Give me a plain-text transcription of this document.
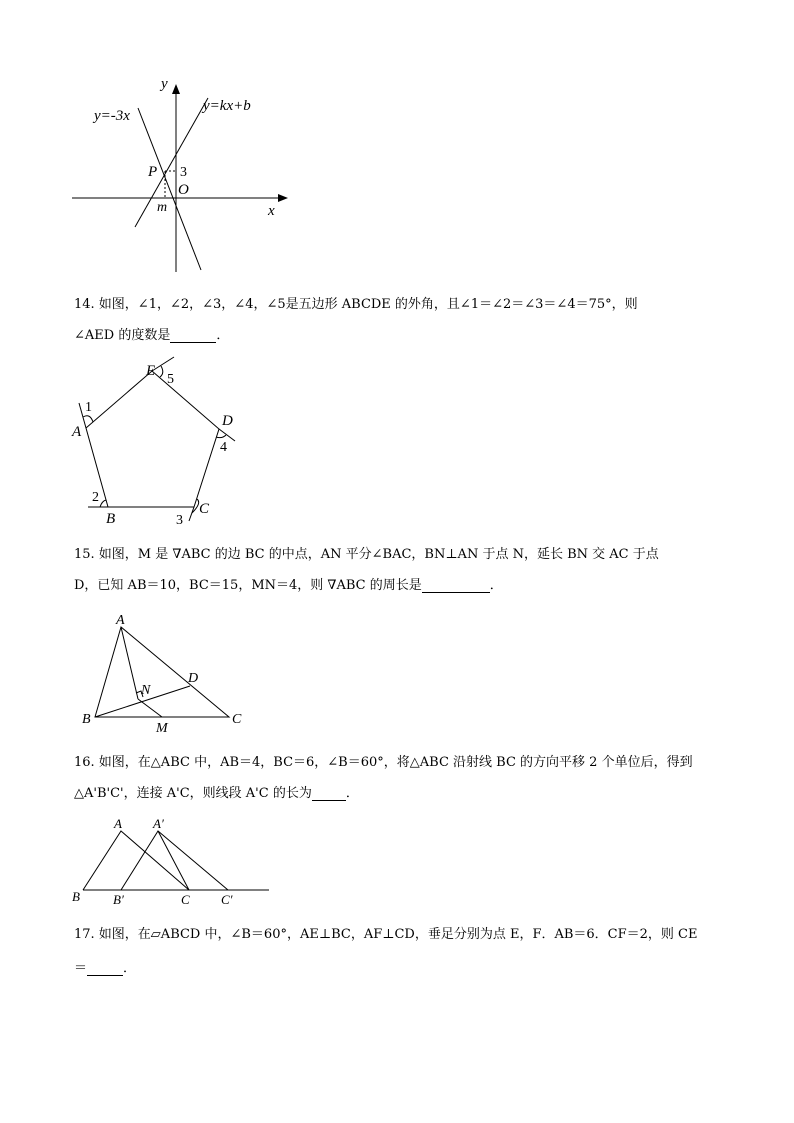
y
x
y=-3x
y=kx+b
P 3
O
m
14. 如图，∠1，∠2，∠3，∠4，∠5是五边形 ABCDE 的外角，且∠1＝∠2＝∠3＝∠4＝75°，则
∠AED 的度数是	．
A
B
C
D
E
1
2
3
4
5
15. 如图，M 是 ∇ABC 的边 BC 的中点，AN 平分∠BAC，BN⊥AN 于点 N，延长 BN 交 AC 于点
D，已知 AB＝10，BC＝15，MN＝4，则 ∇ABC 的周长是	．
A
B	C
D
N
M
16. 如图，在△ABC 中，AB＝4，BC＝6，∠B＝60°，将△ABC 沿射线 BC 的方向平移 2 个单位后，得到
△A'B'C'，连接 A'C，则线段 A'C 的长为	．
A A′
B	B′	C C′
17. 如图，在▱ABCD 中，∠B＝60°，AE⊥BC，AF⊥CD，垂足分别为点 E，F．AB＝6．CF＝2，则 CE
＝	．
